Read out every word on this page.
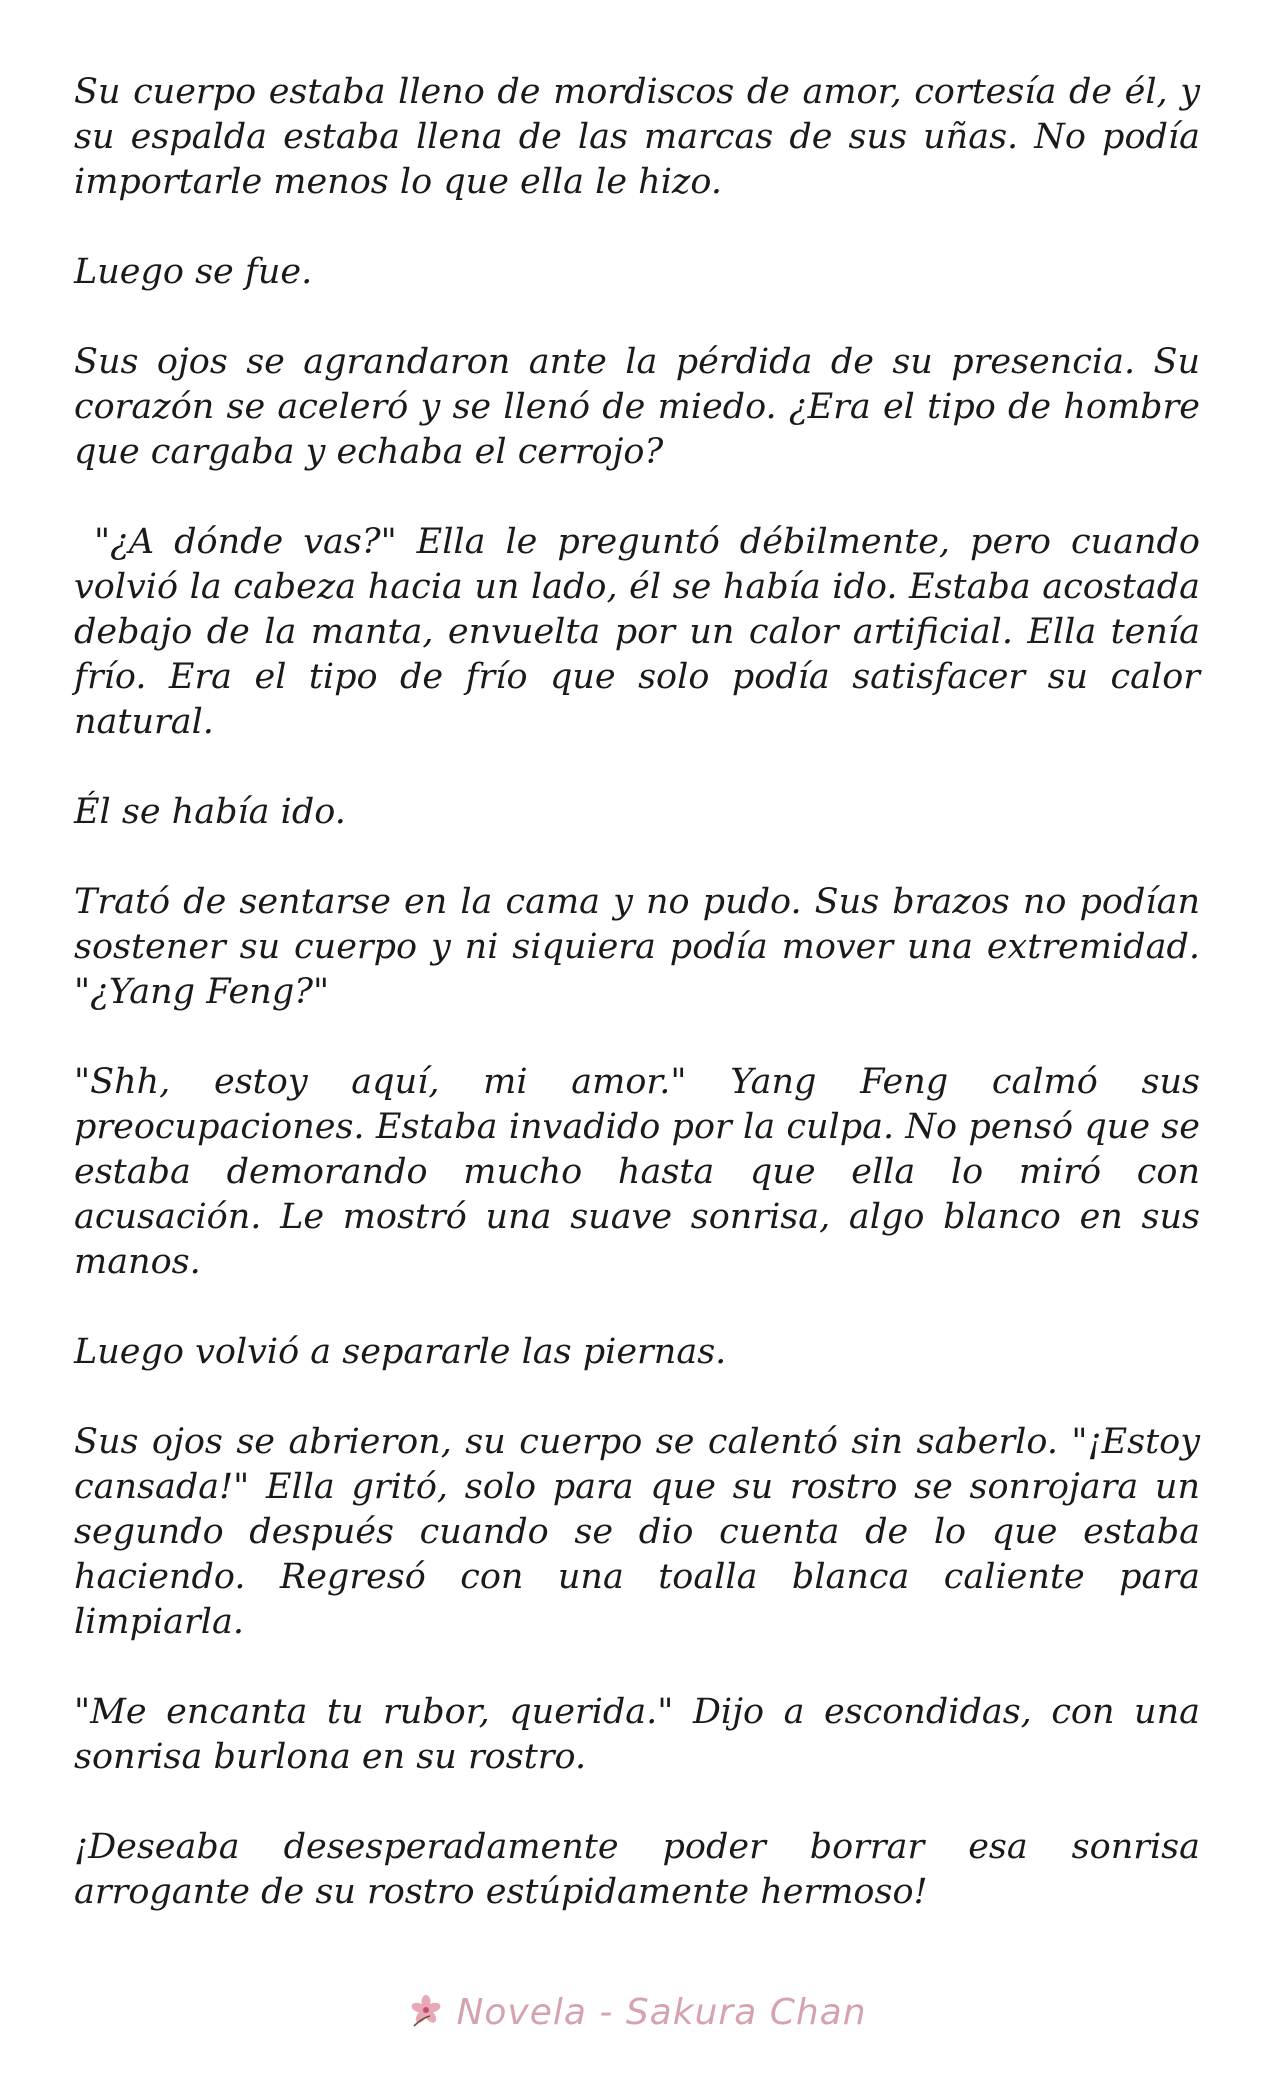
Su cuerpo estaba lleno de mordiscos de amor, cortesía de él, y su espalda estaba llena de las marcas de sus uñas. No podía importarle menos lo que ella le hizo.

Luego se fue.

Sus ojos se agrandaron ante la pérdida de su presencia. Su corazón se aceleró y se llenó de miedo. ¿Era el tipo de hombre que cargaba y echaba el cerrojo?

"¿A dónde vas?" Ella le preguntó débilmente, pero cuando volvió la cabeza hacia un lado, él se había ido. Estaba acostada debajo de la manta, envuelta por un calor artificial. Ella tenía frío. Era el tipo de frío que solo podía satisfacer su calor natural.

Él se había ido.

Trató de sentarse en la cama y no pudo. Sus brazos no podían sostener su cuerpo y ni siquiera podía mover una extremidad. "¿Yang Feng?"

"Shh, estoy aquí, mi amor." Yang Feng calmó sus preocupaciones. Estaba invadido por la culpa. No pensó que se estaba demorando mucho hasta que ella lo miró con acusación. Le mostró una suave sonrisa, algo blanco en sus manos.

Luego volvió a separarle las piernas.

Sus ojos se abrieron, su cuerpo se calentó sin saberlo. "¡Estoy cansada!" Ella gritó, solo para que su rostro se sonrojara un segundo después cuando se dio cuenta de lo que estaba haciendo. Regresó con una toalla blanca caliente para limpiarla.

"Me encanta tu rubor, querida." Dijo a escondidas, con una sonrisa burlona en su rostro.

¡Deseaba desesperadamente poder borrar esa sonrisa arrogante de su rostro estúpidamente hermoso!

Novela - Sakura Chan
